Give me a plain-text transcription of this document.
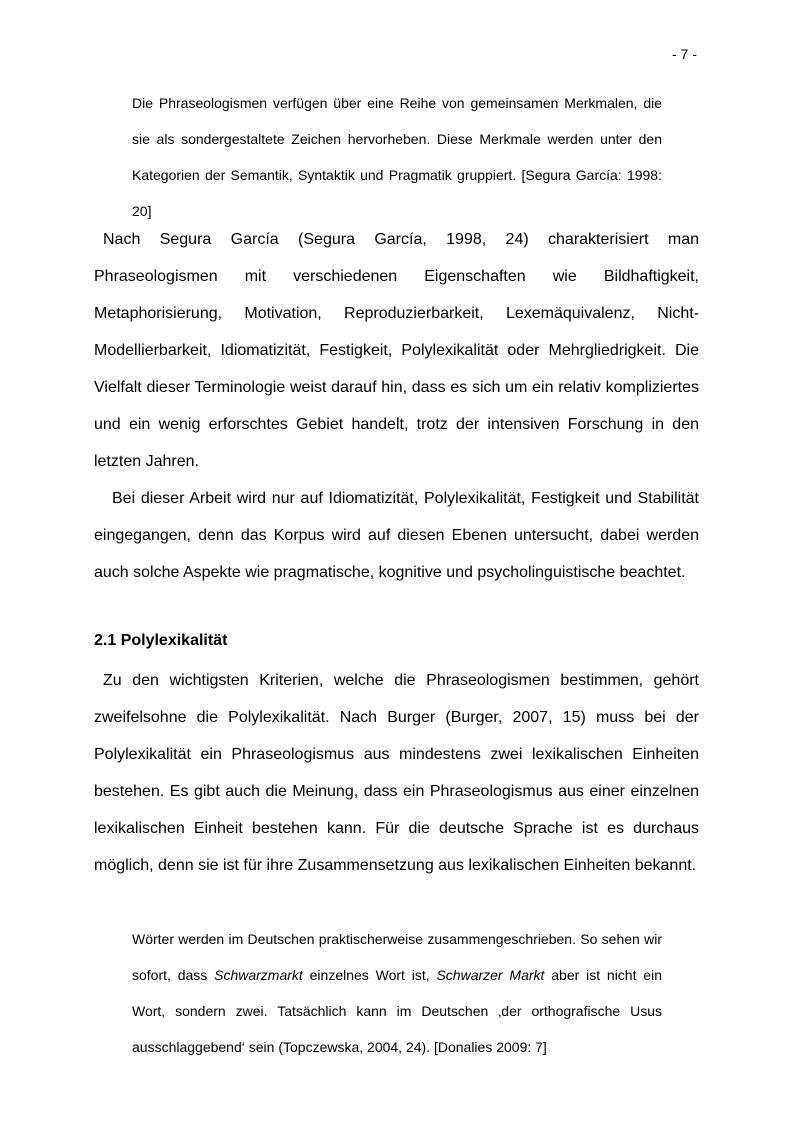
- 7 -

Die Phraseologismen verfügen über eine Reihe von gemeinsamen Merkmalen, die sie als sondergestaltete Zeichen hervorheben. Diese Merkmale werden unter den Kategorien der Semantik, Syntaktik und Pragmatik gruppiert. [Segura García: 1998: 20]

Nach Segura García (Segura García, 1998, 24) charakterisiert man Phraseologismen mit verschiedenen Eigenschaften wie Bildhaftigkeit, Metaphorisierung, Motivation, Reproduzierbarkeit, Lexemäquivalenz, Nicht-Modellierbarkeit, Idiomatizität, Festigkeit, Polylexikalität oder Mehrgliedrigkeit. Die Vielfalt dieser Terminologie weist darauf hin, dass es sich um ein relativ kompliziertes und ein wenig erforschtes Gebiet handelt, trotz der intensiven Forschung in den letzten Jahren.

Bei dieser Arbeit wird nur auf Idiomatizität, Polylexikalität, Festigkeit und Stabilität eingegangen, denn das Korpus wird auf diesen Ebenen untersucht, dabei werden auch solche Aspekte wie pragmatische, kognitive und psycholinguistische beachtet.

2.1 Polylexikalität

Zu den wichtigsten Kriterien, welche die Phraseologismen bestimmen, gehört zweifelsohne die Polylexikalität. Nach Burger (Burger, 2007, 15) muss bei der Polylexikalität ein Phraseologismus aus mindestens zwei lexikalischen Einheiten bestehen. Es gibt auch die Meinung, dass ein Phraseologismus aus einer einzelnen lexikalischen Einheit bestehen kann. Für die deutsche Sprache ist es durchaus möglich, denn sie ist für ihre Zusammensetzung aus lexikalischen Einheiten bekannt.

Wörter werden im Deutschen praktischerweise zusammengeschrieben. So sehen wir sofort, dass Schwarzmarkt einzelnes Wort ist, Schwarzer Markt aber ist nicht ein Wort, sondern zwei. Tatsächlich kann im Deutschen ‚der orthografische Usus ausschlaggebend‘ sein (Topczewska, 2004, 24). [Donalies 2009: 7]
